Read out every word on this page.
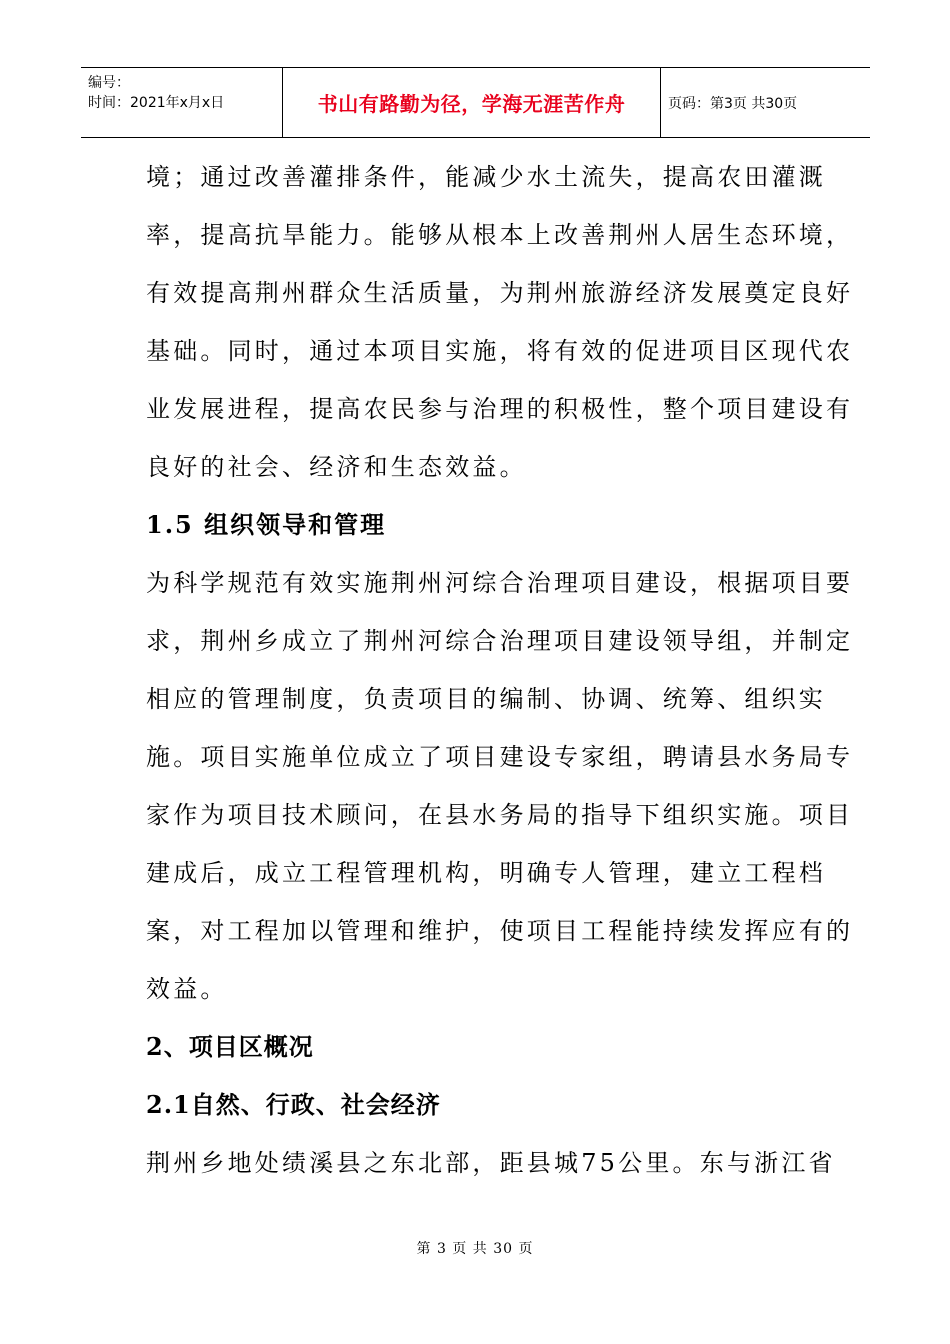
编号：
时间：2021年x月x日	书山有路勤为径，学海无涯苦作舟	页码：第3页 共30页
境；通过改善灌排条件，能减少水土流失，提高农田灌溉
率，提高抗旱能力。能够从根本上改善荆州人居生态环境，
有效提高荆州群众生活质量，为荆州旅游经济发展奠定良好
基础。同时，通过本项目实施，将有效的促进项目区现代农
业发展进程，提高农民参与治理的积极性，整个项目建设有
良好的社会、经济和生态效益。
1.5 组织领导和管理
为科学规范有效实施荆州河综合治理项目建设，根据项目要
求，荆州乡成立了荆州河综合治理项目建设领导组，并制定
相应的管理制度，负责项目的编制、协调、统筹、组织实
施。项目实施单位成立了项目建设专家组，聘请县水务局专
家作为项目技术顾问，在县水务局的指导下组织实施。项目
建成后，成立工程管理机构，明确专人管理，建立工程档
案，对工程加以管理和维护，使项目工程能持续发挥应有的
效益。
2、项目区概况
2.1自然、行政、社会经济
荆州乡地处绩溪县之东北部，距县城75公里。东与浙江省
第 3 页 共 30 页
